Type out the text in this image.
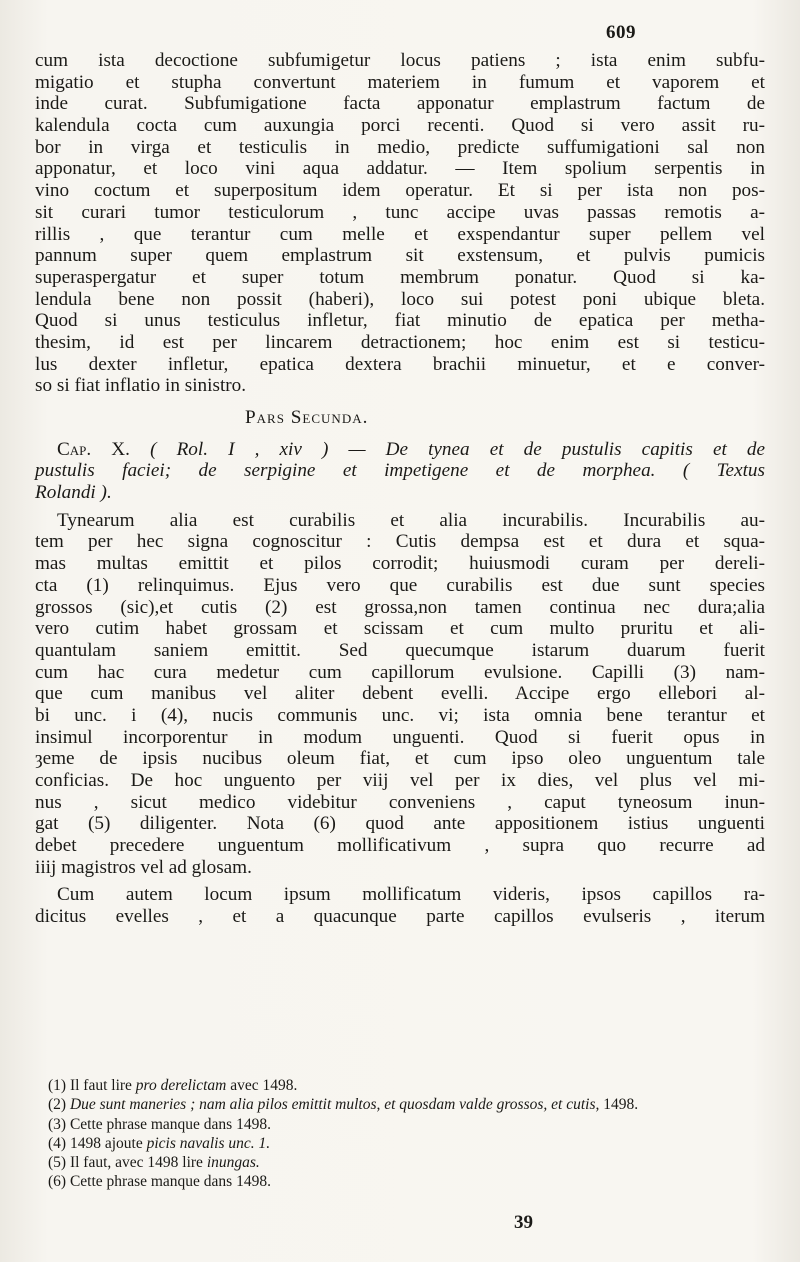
609
cum ista decoctione subfumigetur locus patiens ; ista enim subfu-
migatio et stupha convertunt materiem in fumum et vaporem et
inde curat. Subfumigatione facta apponatur emplastrum factum de
kalendula cocta cum auxungia porci recenti. Quod si vero assit ru-
bor in virga et testiculis in medio, predicte suffumigationi sal non
apponatur, et loco vini aqua addatur. — Item spolium serpentis in
vino coctum et superpositum idem operatur. Et si per ista non pos-
sit curari tumor testiculorum , tunc accipe uvas passas remotis a-
rillis , que terantur cum melle et exspendantur super pellem vel
pannum super quem emplastrum sit exstensum, et pulvis pumicis
superaspergatur et super totum membrum ponatur. Quod si ka-
lendula bene non possit (haberi), loco sui potest poni ubique bleta.
Quod si unus testiculus infletur, fiat minutio de epatica per metha-
thesim, id est per lincarem detractionem; hoc enim est si testicu-
lus dexter infletur, epatica dextera brachii minuetur, et e conver-
so si fiat inflatio in sinistro.
Pars Secunda.
Cap. X. ( Rol. I , xiv ) — De tynea et de pustulis capitis et de
pustulis faciei; de serpigine et impetigene et de morphea. ( Textus
Rolandi ).
Tynearum alia est curabilis et alia incurabilis. Incurabilis au-
tem per hec signa cognoscitur : Cutis dempsa est et dura et squa-
mas multas emittit et pilos corrodit; huiusmodi curam per dereli-
cta (1) relinquimus. Ejus vero que curabilis est due sunt species
grossos (sic),et cutis (2) est grossa,non tamen continua nec dura;alia
vero cutim habet grossam et scissam et cum multo pruritu et ali-
quantulam saniem emittit. Sed quecumque istarum duarum fuerit
cum hac cura medetur cum capillorum evulsione. Capilli (3) nam-
que cum manibus vel aliter debent evelli. Accipe ergo ellebori al-
bi unc. i (4), nucis communis unc. vi; ista omnia bene terantur et
insimul incorporentur in modum unguenti. Quod si fuerit opus in
ȝeme de ipsis nucibus oleum fiat, et cum ipso oleo unguentum tale
conficias. De hoc unguento per viij vel per ix dies, vel plus vel mi-
nus , sicut medico videbitur conveniens , caput tyneosum inun-
gat (5) diligenter. Nota (6) quod ante appositionem istius unguenti
debet precedere unguentum mollificativum , supra quo recurre ad
iiij magistros vel ad glosam.
Cum autem locum ipsum mollificatum videris, ipsos capillos ra-
dicitus evelles , et a quacunque parte capillos evulseris , iterum
(1) Il faut lire pro derelictam avec 1498.
(2) Due sunt maneries ; nam alia pilos emittit multos, et quosdam valde grossos, et cutis, 1498.
(3) Cette phrase manque dans 1498.
(4) 1498 ajoute picis navalis unc. 1.
(5) Il faut, avec 1498 lire inungas.
(6) Cette phrase manque dans 1498.
39
